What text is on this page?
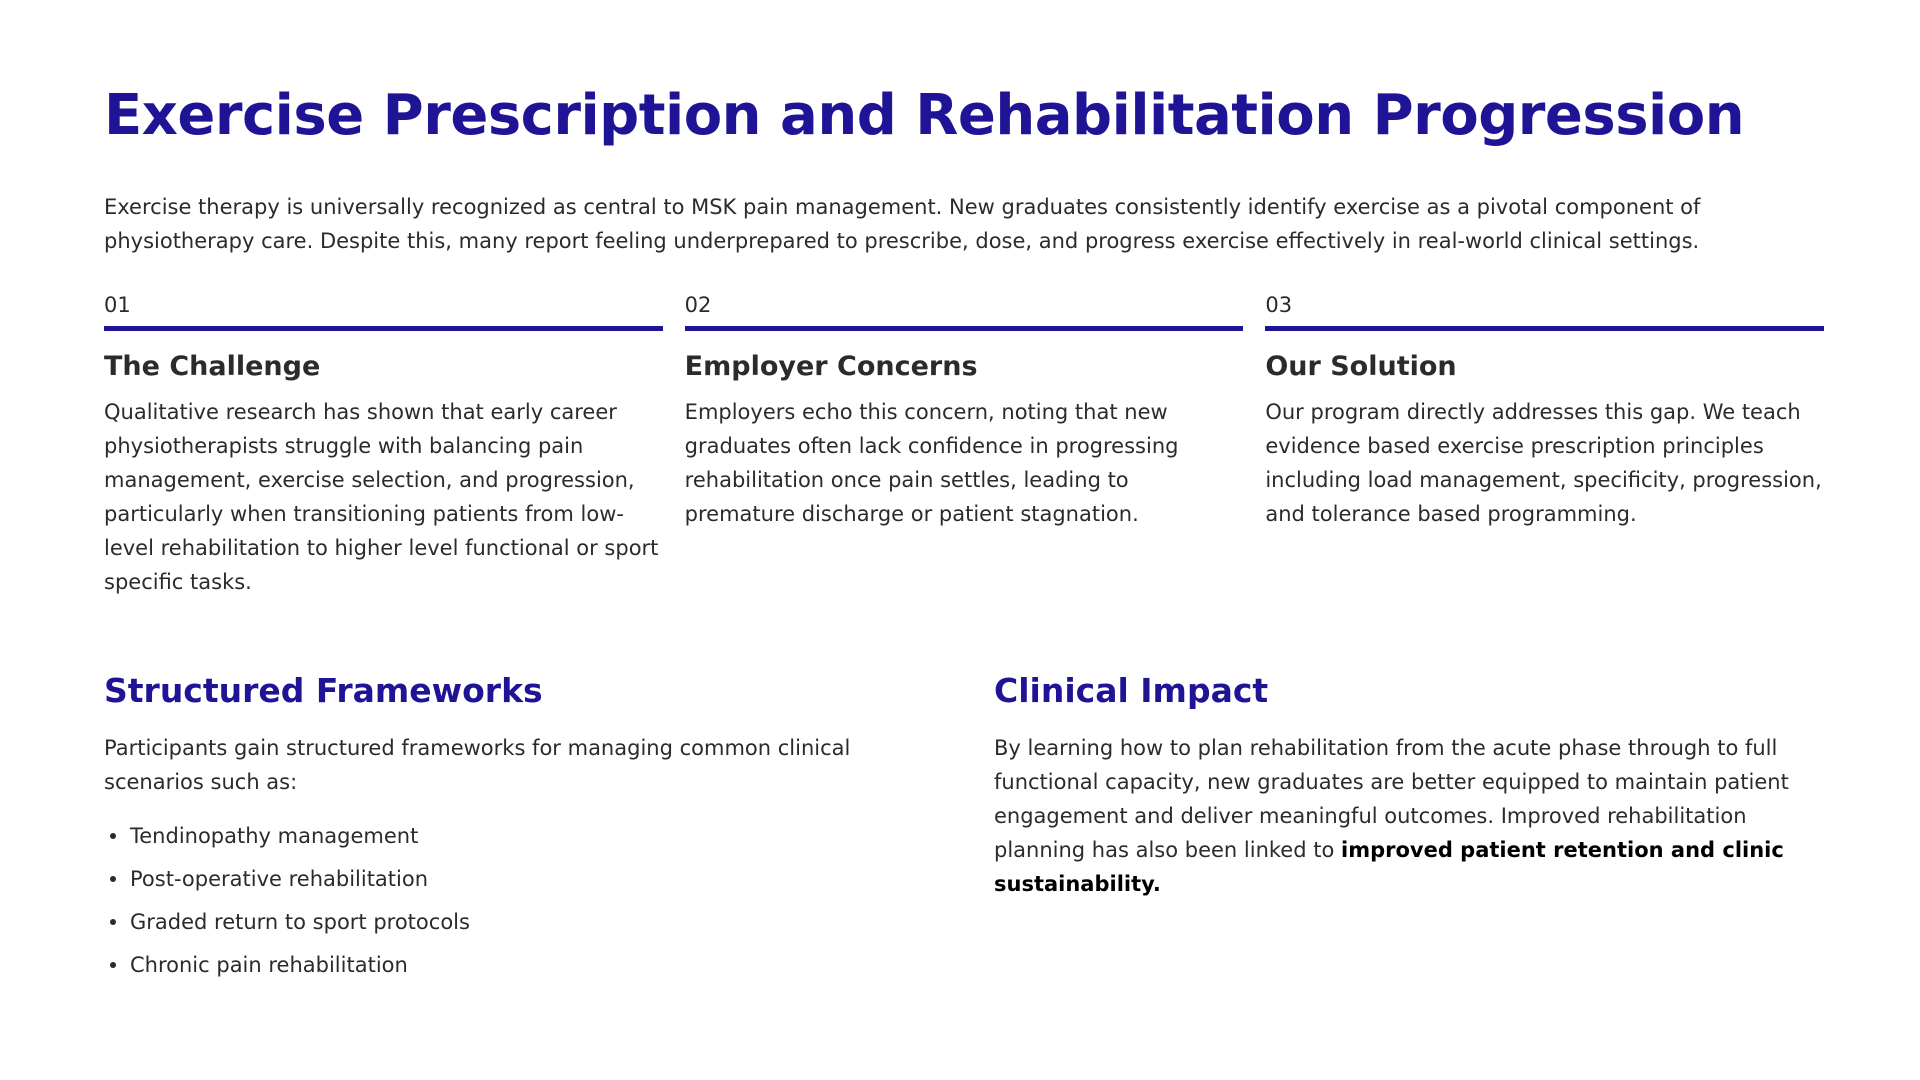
Exercise Prescription and Rehabilitation Progression

Exercise therapy is universally recognized as central to MSK pain management. New graduates consistently identify exercise as a pivotal component of physiotherapy care. Despite this, many report feeling underprepared to prescribe, dose, and progress exercise effectively in real-world clinical settings.

01
The Challenge

Qualitative research has shown that early career physiotherapists struggle with balancing pain management, exercise selection, and progression, particularly when transitioning patients from low-level rehabilitation to higher level functional or sport specific tasks.

02
Employer Concerns

Employers echo this concern, noting that new graduates often lack confidence in progressing rehabilitation once pain settles, leading to premature discharge or patient stagnation.

03
Our Solution

Our program directly addresses this gap. We teach evidence based exercise prescription principles including load management, specificity, progression, and tolerance based programming.

Structured Frameworks

Participants gain structured frameworks for managing common clinical scenarios such as:

Tendinopathy management
Post-operative rehabilitation
Graded return to sport protocols
Chronic pain rehabilitation
Clinical Impact

By learning how to plan rehabilitation from the acute phase through to full functional capacity, new graduates are better equipped to maintain patient engagement and deliver meaningful outcomes. Improved rehabilitation planning has also been linked to improved patient retention and clinic sustainability.
